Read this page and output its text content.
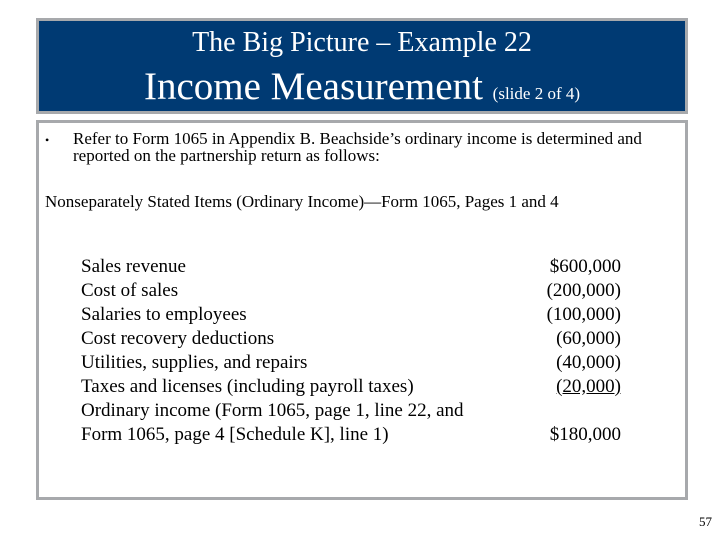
The Big Picture – Example 22
Income Measurement (slide 2 of 4)
• Refer to Form 1065 in Appendix B. Beachside’s ordinary income is determined and reported on the partnership return as follows:
Nonseparately Stated Items (Ordinary Income)—Form 1065, Pages 1 and 4
Sales revenue	$600,000
Cost of sales	(200,000)
Salaries to employees	(100,000)
Cost recovery deductions	(60,000)
Utilities, supplies, and repairs	(40,000)
Taxes and licenses (including payroll taxes)	(20,000)
Ordinary income (Form 1065, page 1, line 22, and
Form 1065, page 4 [Schedule K], line 1)	$180,000
57
